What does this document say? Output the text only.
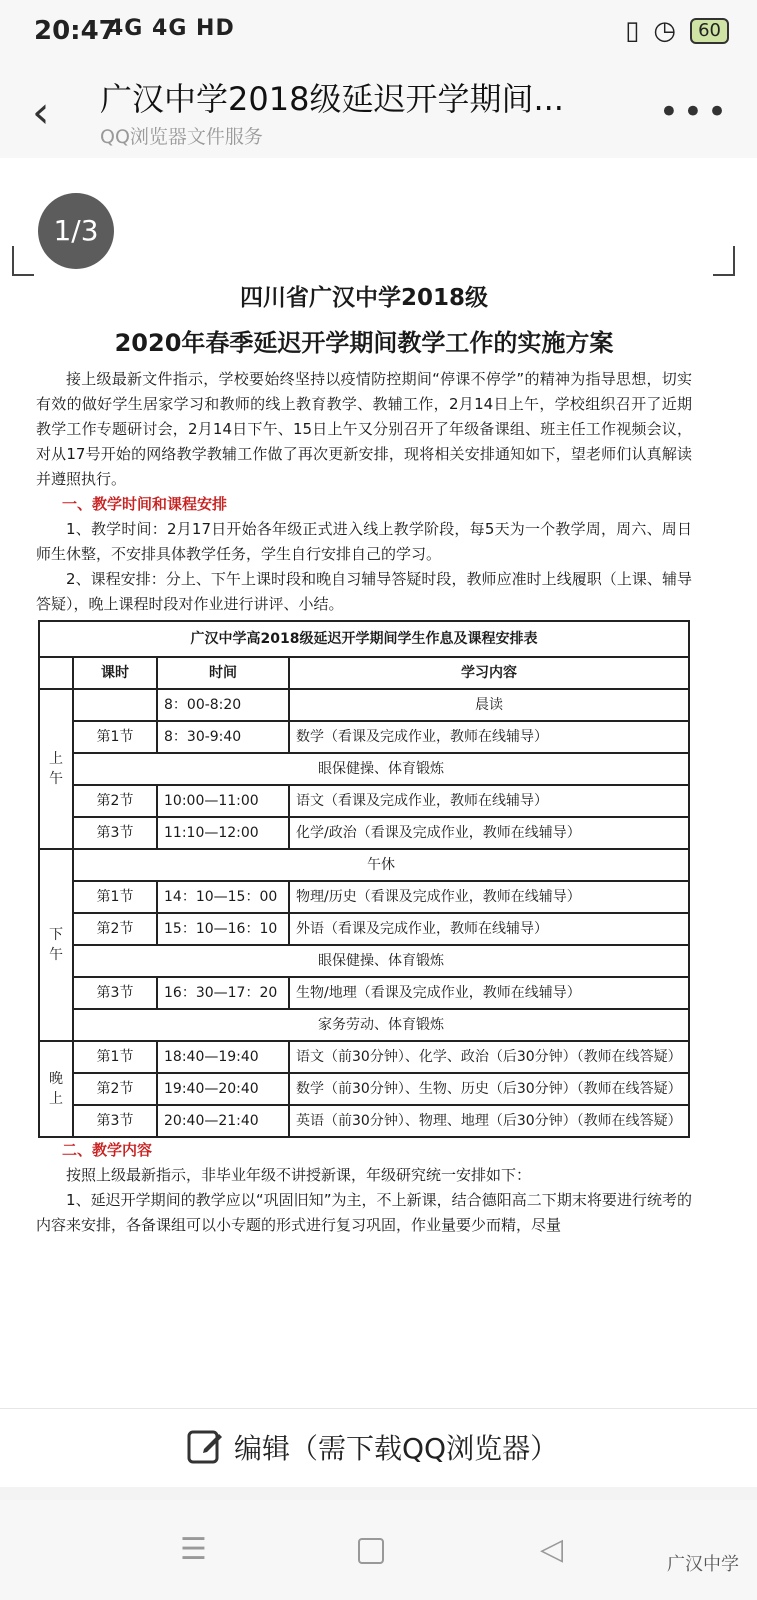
20:47
4G 4G HD	▯ ◷	60
‹	广汉中学2018级延迟开学期间...
QQ浏览器文件服务
•••
1/3
四川省广汉中学2018级
2020年春季延迟开学期间教学工作的实施方案

接上级最新文件指示，学校要始终坚持以疫情防控期间“停课不停学”的精神为指导思想，切实有效的做好学生居家学习和教师的线上教育教学、教辅工作，2月14日上午，学校组织召开了近期教学工作专题研讨会，2月14日下午、15日上午又分别召开了年级备课组、班主任工作视频会议，对从17号开始的网络教学教辅工作做了再次更新安排，现将相关安排通知如下，望老师们认真解读并遵照执行。

一、教学时间和课程安排

1、教学时间：2月17日开始各年级正式进入线上教学阶段，每5天为一个教学周，周六、周日师生休整，不安排具体教学任务，学生自行安排自己的学习。

2、课程安排：分上、下午上课时段和晚自习辅导答疑时段，教师应准时上线履职（上课、辅导答疑），晚上课程时段对作业进行讲评、小结。

广汉中学高2018级延迟开学期间学生作息及课程安排表			
	课时	时间	学习内容
上午		8：00-8:20	晨读
	第1节	8：30-9:40	数学（看课及完成作业，教师在线辅导）
	眼保健操、体育锻炼		
	第2节	10:00—11:00	语文（看课及完成作业，教师在线辅导）
	第3节	11:10—12:00	化学/政治（看课及完成作业，教师在线辅导）
下午	午休		
	第1节	14：10—15：00	物理/历史（看课及完成作业，教师在线辅导）
	第2节	15：10—16：10	外语（看课及完成作业，教师在线辅导）
	眼保健操、体育锻炼		
	第3节	16：30—17：20	生物/地理（看课及完成作业，教师在线辅导）
	家务劳动、体育锻炼		
晚上	第1节	18:40—19:40	语文（前30分钟）、化学、政治（后30分钟）（教师在线答疑）
	第2节	19:40—20:40	数学（前30分钟）、生物、历史（后30分钟）（教师在线答疑）
	第3节	20:40—21:40	英语（前30分钟）、物理、地理（后30分钟）（教师在线答疑）
二、教学内容

按照上级最新指示，非毕业年级不讲授新课，年级研究统一安排如下：

1、延迟开学期间的教学应以“巩固旧知”为主，不上新课，结合德阳高二下期末将要进行统考的内容来安排，各备课组可以小专题的形式进行复习巩固，作业量要少而精，尽量

编辑（需下载QQ浏览器）
☰	◁	广汉中学
